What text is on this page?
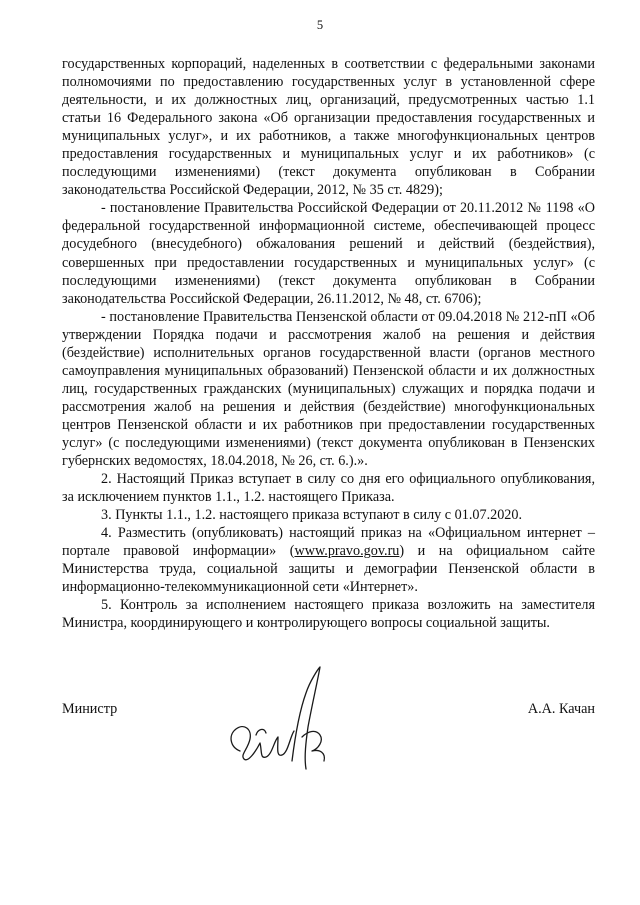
5

государственных корпораций, наделенных в соответствии с федеральными законами полномочиями по предоставлению государственных услуг в установленной сфере деятельности, и их должностных лиц, организаций, предусмотренных частью 1.1 статьи 16 Федерального закона «Об организации предоставления государственных и муниципальных услуг», и их работников, а также многофункциональных центров предоставления государственных и муниципальных услуг и их работников» (с последующими изменениями) (текст документа опубликован в Собрании законодательства Российской Федерации, 2012, № 35 ст. 4829);

- постановление Правительства Российской Федерации от 20.11.2012 № 1198 «О федеральной государственной информационной системе, обеспечивающей процесс досудебного (внесудебного) обжалования решений и действий (бездействия), совершенных при предоставлении государственных и муниципальных услуг» (с последующими изменениями) (текст документа опубликован в Собрании законодательства Российской Федерации, 26.11.2012, № 48, ст. 6706);

- постановление Правительства Пензенской области от 09.04.2018 № 212-пП «Об утверждении Порядка подачи и рассмотрения жалоб на решения и действия (бездействие) исполнительных органов государственной власти (органов местного самоуправления муниципальных образований) Пензенской области и их должностных лиц, государственных гражданских (муниципальных) служащих и порядка подачи и рассмотрения жалоб на решения и действия (бездействие) многофункциональных центров Пензенской области и их работников при предоставлении государственных услуг» (с последующими изменениями) (текст документа опубликован в Пензенских губернских ведомостях, 18.04.2018, № 26, ст. 6.).».

2. Настоящий Приказ вступает в силу со дня его официального опубликования, за исключением пунктов 1.1., 1.2. настоящего Приказа.

3. Пункты 1.1., 1.2. настоящего приказа вступают в силу с 01.07.2020.

4. Разместить (опубликовать) настоящий приказ на «Официальном интернет – портале правовой информации» (www.pravo.gov.ru) и на официальном сайте Министерства труда, социальной защиты и демографии Пензенской области в информационно-телекоммуникационной сети «Интернет».

5. Контроль за исполнением настоящего приказа возложить на заместителя Министра, координирующего и контролирующего вопросы социальной защиты.

Министр	А.А. Качан
